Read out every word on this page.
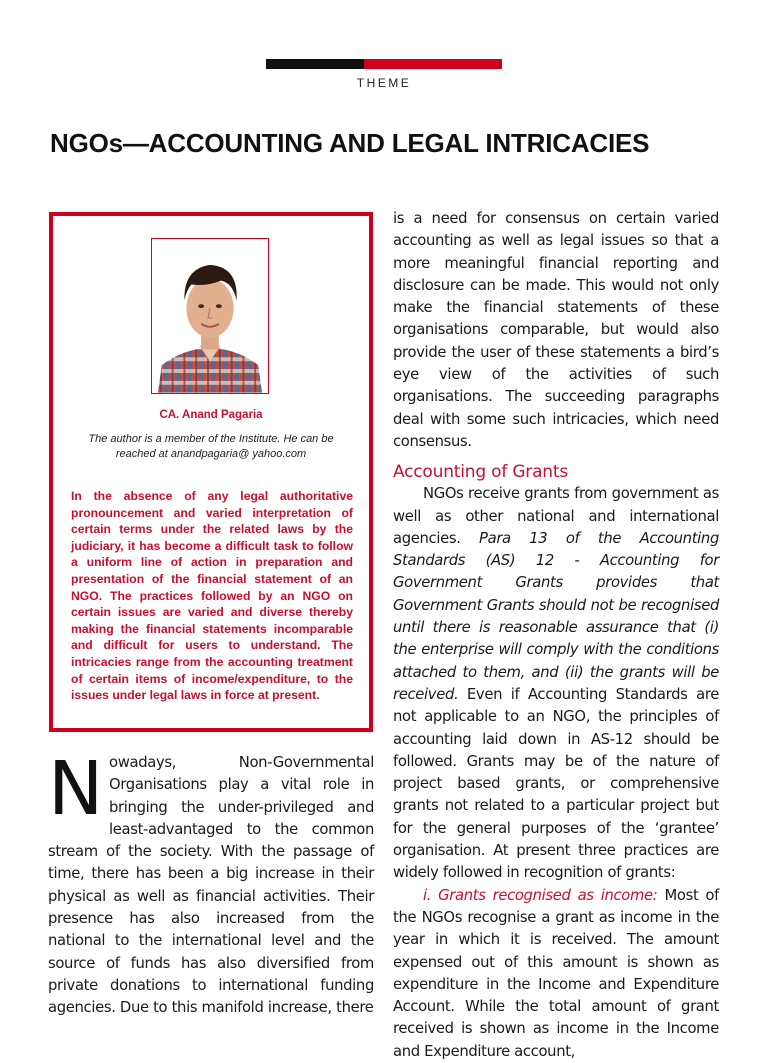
THEME
NGOs—ACCOUNTING AND LEGAL INTRICACIES
CA. Anand Pagaria
The author is a member of the Institute. He can be reached at anandpagaria@ yahoo.com

In the absence of any legal authoritative pronouncement and varied interpretation of certain terms under the related laws by the judiciary, it has become a difficult task to follow a uniform line of action in preparation and presentation of the financial statement of an NGO. The practices followed by an NGO on certain issues are varied and diverse thereby making the financial statements incomparable and difficult for users to understand. The intricacies range from the accounting treatment of certain items of income/expenditure, to the issues under legal laws in force at present.

Nowadays, Non-Governmental Organisations play a vital role in bringing the under-privileged and least-advantaged to the common stream of the society. With the passage of time, there has been a big increase in their physical as well as financial activities. Their presence has also increased from the national to the international level and the source of funds has also diversified from private donations to international funding agencies. Due to this manifold increase, there

is a need for consensus on certain varied accounting as well as legal issues so that a more meaningful financial reporting and disclosure can be made. This would not only make the financial statements of these organisations comparable, but would also provide the user of these statements a bird’s eye view of the activities of such organisations. The succeeding paragraphs deal with some such intricacies, which need consensus.

Accounting of Grants

NGOs receive grants from government as well as other national and international agencies. Para 13 of the Accounting Standards (AS) 12 - Accounting for Government Grants provides that Government Grants should not be recognised until there is reasonable assurance that (i) the enterprise will comply with the conditions attached to them, and (ii) the grants will be received. Even if Accounting Standards are not applicable to an NGO, the principles of accounting laid down in AS-12 should be followed. Grants may be of the nature of project based grants, or comprehensive grants not related to a particular project but for the general purposes of the ‘grantee’ organisation. At present three practices are widely followed in recognition of grants:

i. Grants recognised as income: Most of the NGOs recognise a grant as income in the year in which it is received. The amount expensed out of this amount is shown as expenditure in the Income and Expenditure Account. While the total amount of grant received is shown as income in the Income and Expenditure account,
